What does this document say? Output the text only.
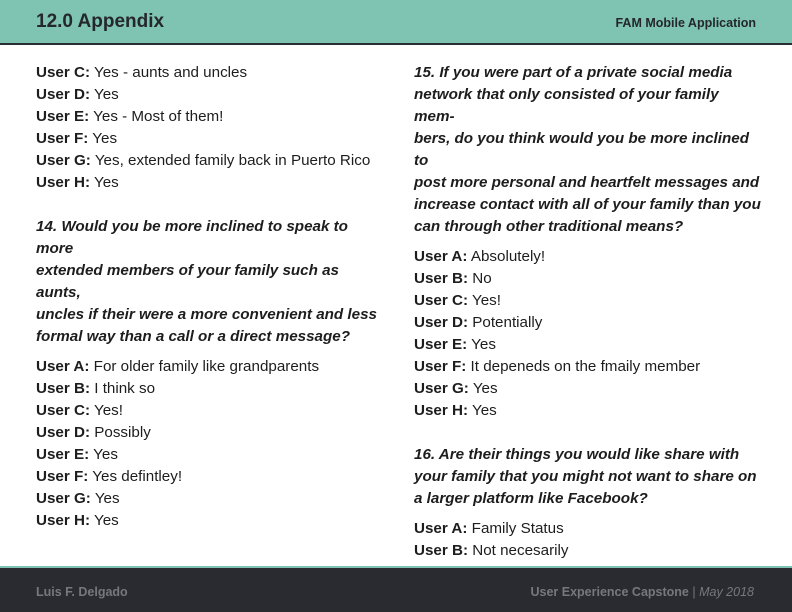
12.0 Appendix	FAM Mobile Application
User C: Yes - aunts and uncles
User D: Yes
User E: Yes - Most of them!
User F: Yes
User G: Yes, extended family back in Puerto Rico
User H: Yes
14. Would you be more inclined to speak to more
extended members of your family such as aunts,
uncles if their were a more convenient and less
formal way than a call or a direct message?
User A: For older family like grandparents
User B: I think so
User C: Yes!
User D: Possibly
User E: Yes
User F: Yes defintley!
User G: Yes
User H: Yes
15. If you were part of a private social media
network that only consisted of your family mem-
bers, do you think would you be more inclined to
post more personal and heartfelt messages and
increase contact with all of your family than you
can through other traditional means?
User A: Absolutely!
User B: No
User C: Yes!
User D: Potentially
User E: Yes
User F: It depeneds on the fmaily member
User G: Yes
User H: Yes
16. Are their things you would like share with
your family that you might not want to share on
a larger platform like Facebook?
User A: Family Status
User B: Not necesarily
Luis F. Delgado	User Experience Capstone | May 2018
